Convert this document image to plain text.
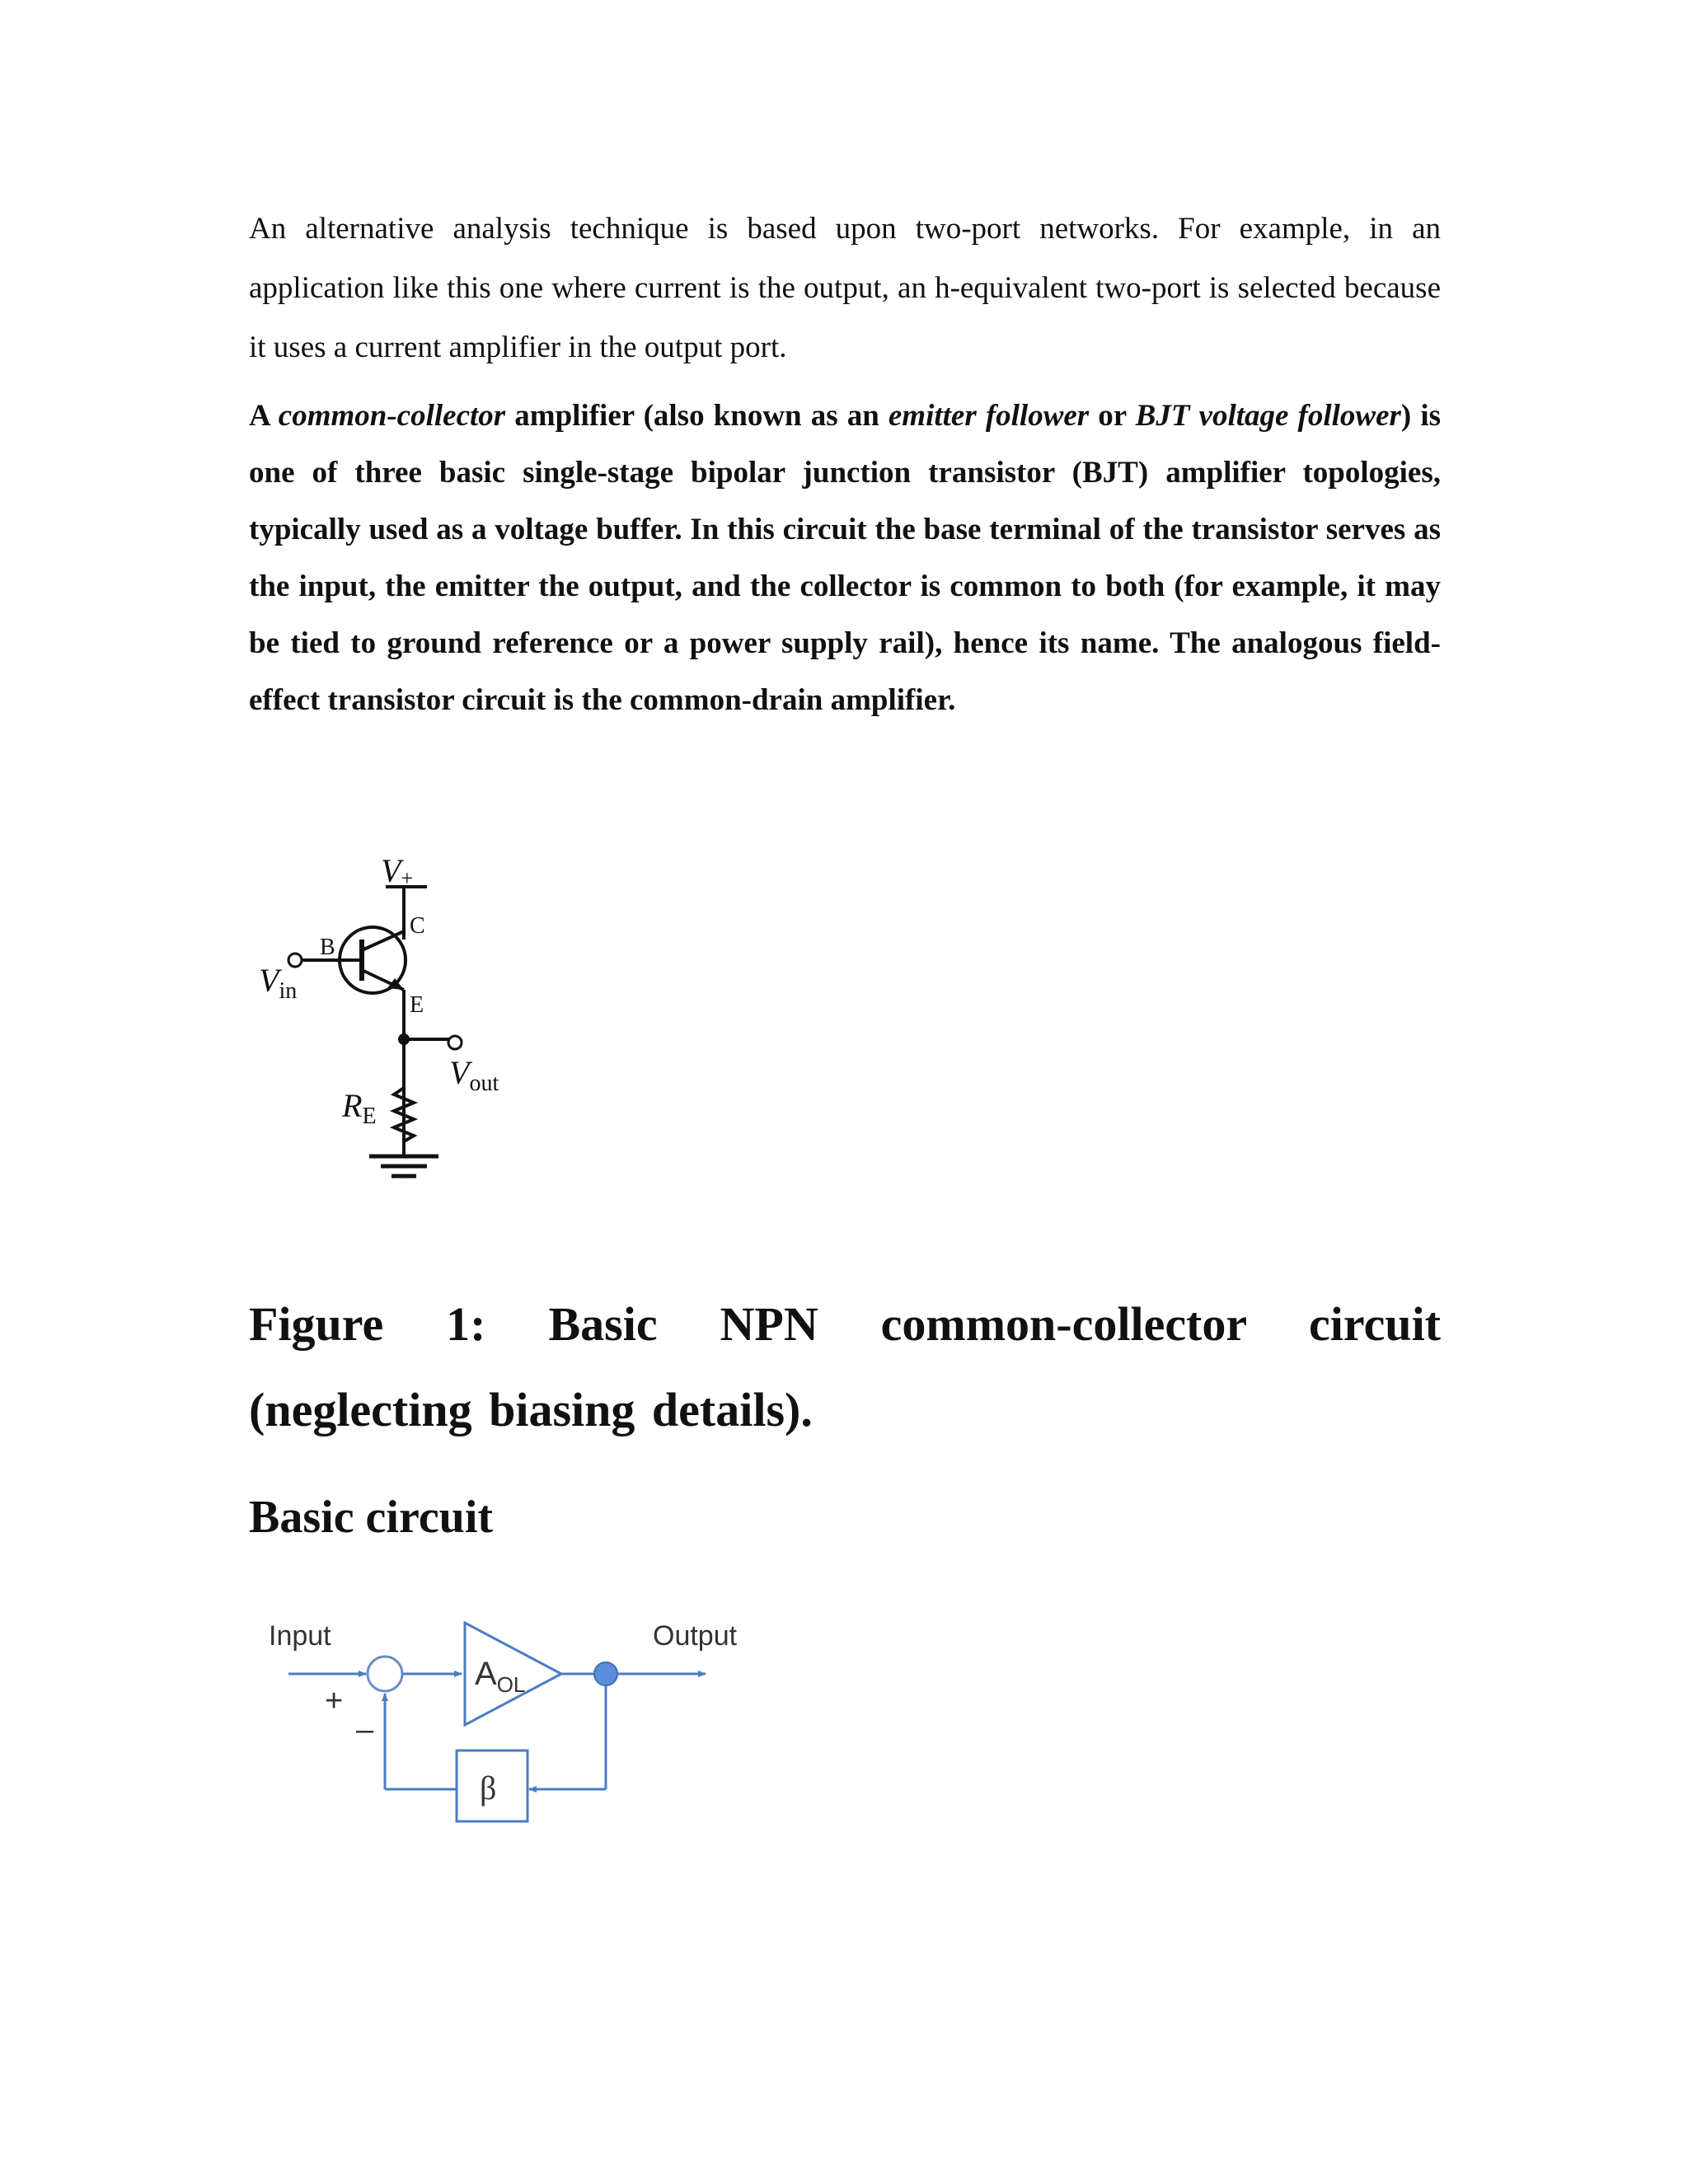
An alternative analysis technique is based upon two-port networks. For example, in an application like this one where current is the output, an h-equivalent two-port is selected because it uses a current amplifier in the output port.

A common-collector amplifier (also known as an emitter follower or BJT voltage follower) is one of three basic single-stage bipolar junction transistor (BJT) amplifier topologies, typically used as a voltage buffer. In this circuit the base terminal of the transistor serves as the input, the emitter the output, and the collector is common to both (for example, it may be tied to ground reference or a power supply rail), hence its name. The analogous field-effect transistor circuit is the common-drain amplifier.

V+
C
B
E
$V_{in}$
$V_{out}$
$R_E$

Figure 1: Basic NPN common-collector circuit (neglecting biasing details).

Basic circuit
Input	Output
+
–
$A_{OL}$
β
